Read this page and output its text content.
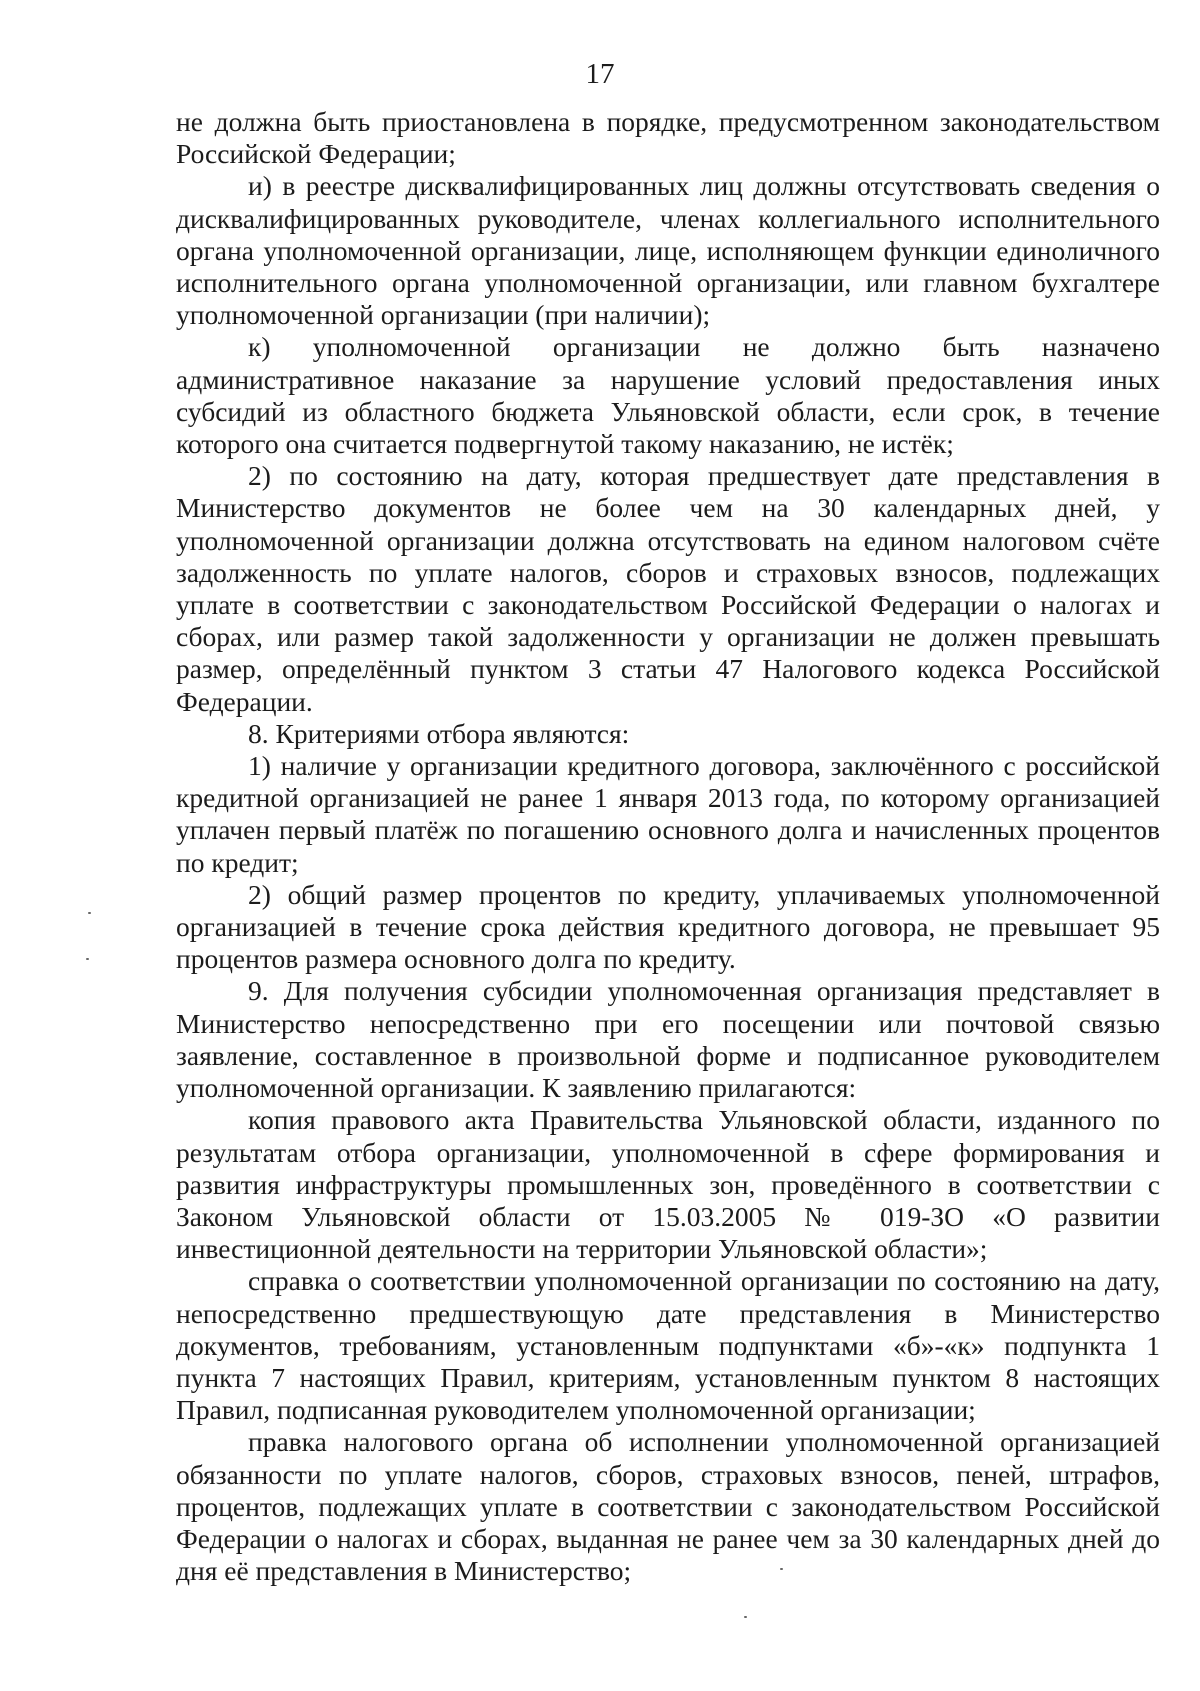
17

не должна быть приостановлена в порядке, предусмотренном законодательством Российской Федерации;

и) в реестре дисквалифицированных лиц должны отсутствовать сведения о дисквалифицированных руководителе, членах коллегиального исполнительного органа уполномоченной организации, лице, исполняющем функции единоличного исполнительного органа уполномоченной организации, или главном бухгалтере уполномоченной организации (при наличии);

к) уполномоченной организации не должно быть назначено административное наказание за нарушение условий предоставления иных субсидий из областного бюджета Ульяновской области, если срок, в течение которого она считается подвергнутой такому наказанию, не истёк;

2) по состоянию на дату, которая предшествует дате представления в Министерство документов не более чем на 30 календарных дней, у уполномоченной организации должна отсутствовать на едином налоговом счёте задолженность по уплате налогов, сборов и страховых взносов, подлежащих уплате в соответствии с законодательством Российской Федерации о налогах и сборах, или размер такой задолженности у организации не должен превышать размер, определённый пунктом 3 статьи 47 Налогового кодекса Российской Федерации.

8. Критериями отбора являются:

1) наличие у организации кредитного договора, заключённого с российской кредитной организацией не ранее 1 января 2013 года, по которому организацией уплачен первый платёж по погашению основного долга и начисленных процентов по кредит;

2) общий размер процентов по кредиту, уплачиваемых уполномоченной организацией в течение срока действия кредитного договора, не превышает 95 процентов размера основного долга по кредиту.

9. Для получения субсидии уполномоченная организация представляет в Министерство непосредственно при его посещении или почтовой связью заявление, составленное в произвольной форме и подписанное руководителем уполномоченной организации. К заявлению прилагаются:

копия правового акта Правительства Ульяновской области, изданного по результатам отбора организации, уполномоченной в сфере формирования и развития инфраструктуры промышленных зон, проведённого в соответствии с Законом Ульяновской области от 15.03.2005 № 019-ЗО «О развитии инвестиционной деятельности на территории Ульяновской области»;

справка о соответствии уполномоченной организации по состоянию на дату, непосредственно предшествующую дате представления в Министерство документов, требованиям, установленным подпунктами «б»-«к» подпункта 1 пункта 7 настоящих Правил, критериям, установленным пунктом 8 настоящих Правил, подписанная руководителем уполномоченной организации;

правка налогового органа об исполнении уполномоченной организацией обязанности по уплате налогов, сборов, страховых взносов, пеней, штрафов, процентов, подлежащих уплате в соответствии с законодательством Российской Федерации о налогах и сборах, выданная не ранее чем за 30 календарных дней до дня её представления в Министерство;
